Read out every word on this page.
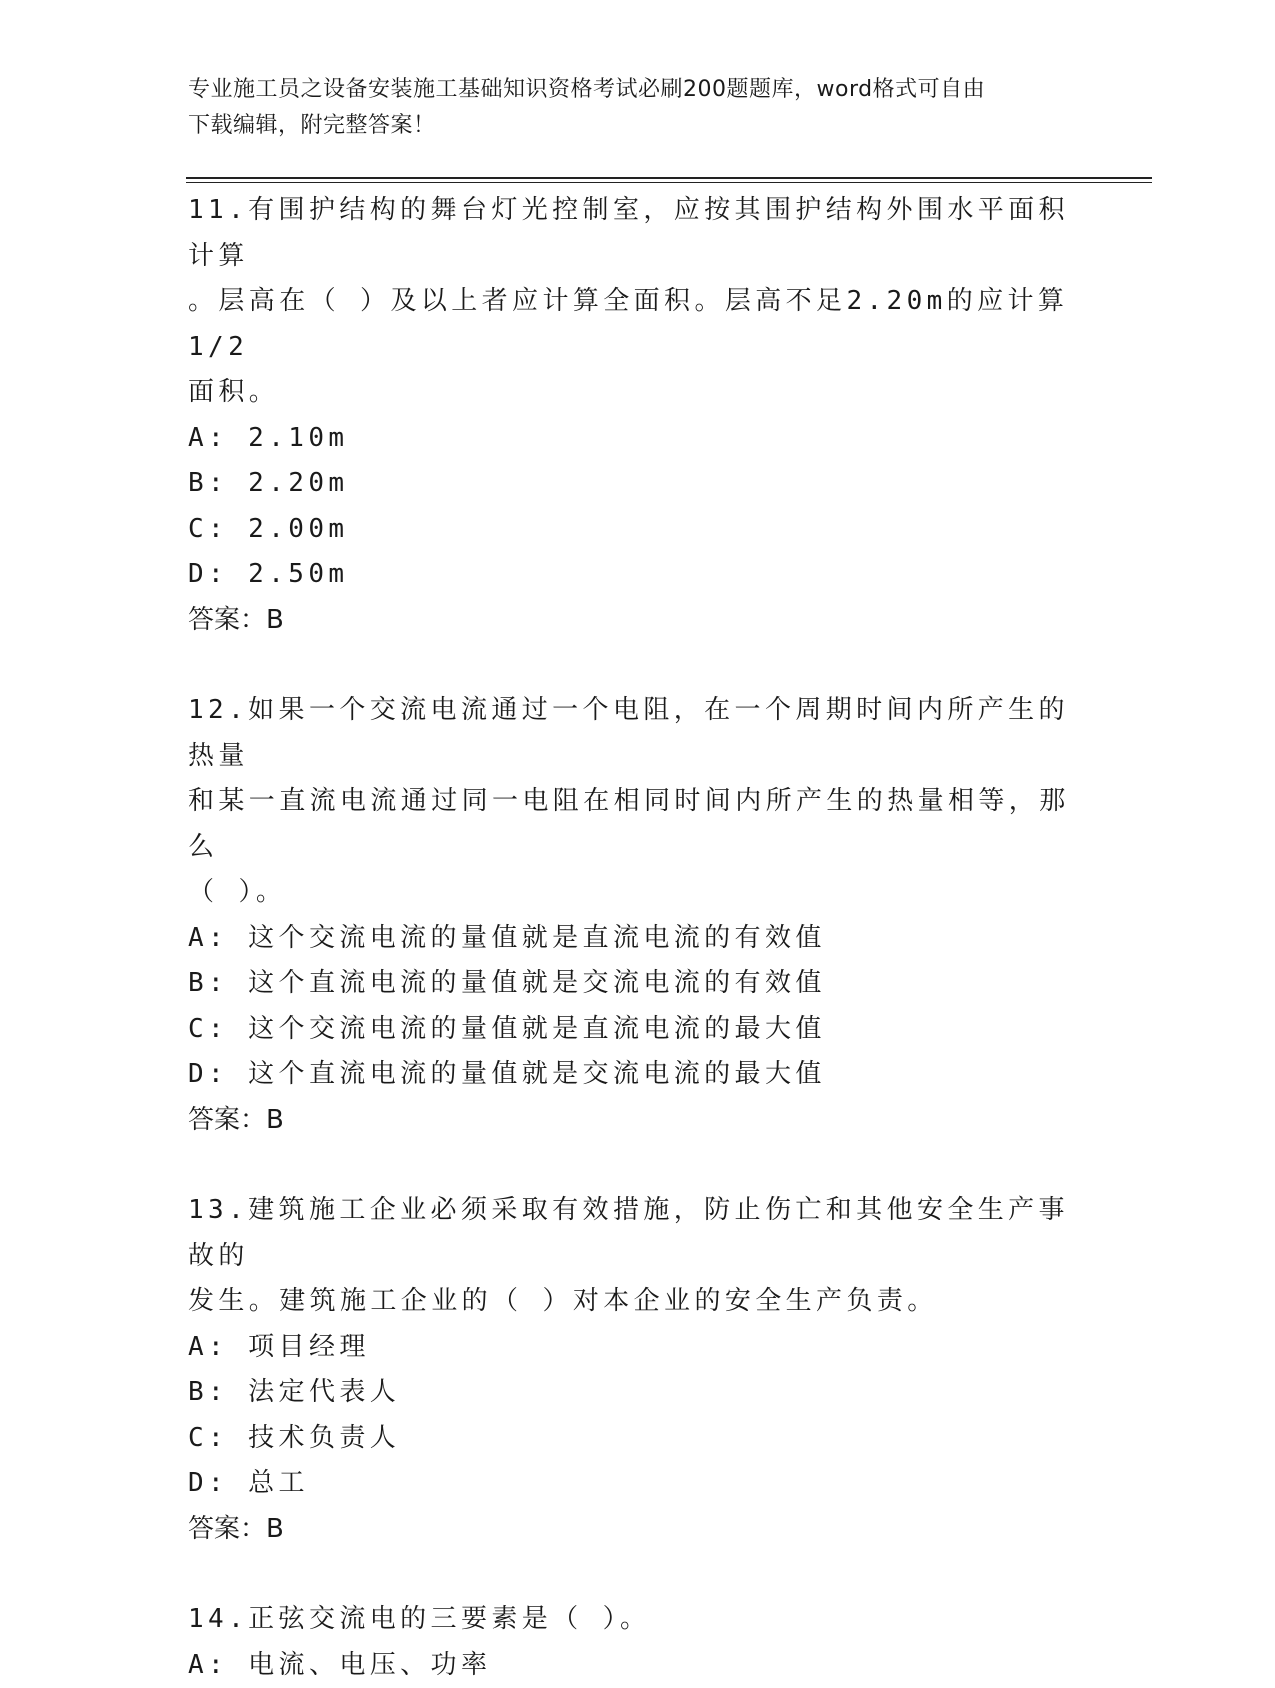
专业施工员之设备安装施工基础知识资格考试必刷200题题库，word格式可自由
下载编辑，附完整答案！

11.有围护结构的舞台灯光控制室，应按其围护结构外围水平面积计算

。层高在（ ）及以上者应计算全面积。层高不足2.20m的应计算1/2

面积。

A: 2.10m

B: 2.20m

C: 2.00m

D: 2.50m

答案：B

12.如果一个交流电流通过一个电阻，在一个周期时间内所产生的热量

和某一直流电流通过同一电阻在相同时间内所产生的热量相等，那么

（ ）。

A: 这个交流电流的量值就是直流电流的有效值

B: 这个直流电流的量值就是交流电流的有效值

C: 这个交流电流的量值就是直流电流的最大值

D: 这个直流电流的量值就是交流电流的最大值

答案：B

13.建筑施工企业必须采取有效措施，防止伤亡和其他安全生产事故的

发生。建筑施工企业的（ ）对本企业的安全生产负责。

A: 项目经理

B: 法定代表人

C: 技术负责人

D: 总工

答案：B

14.正弦交流电的三要素是（ ）。

A: 电流、电压、功率
